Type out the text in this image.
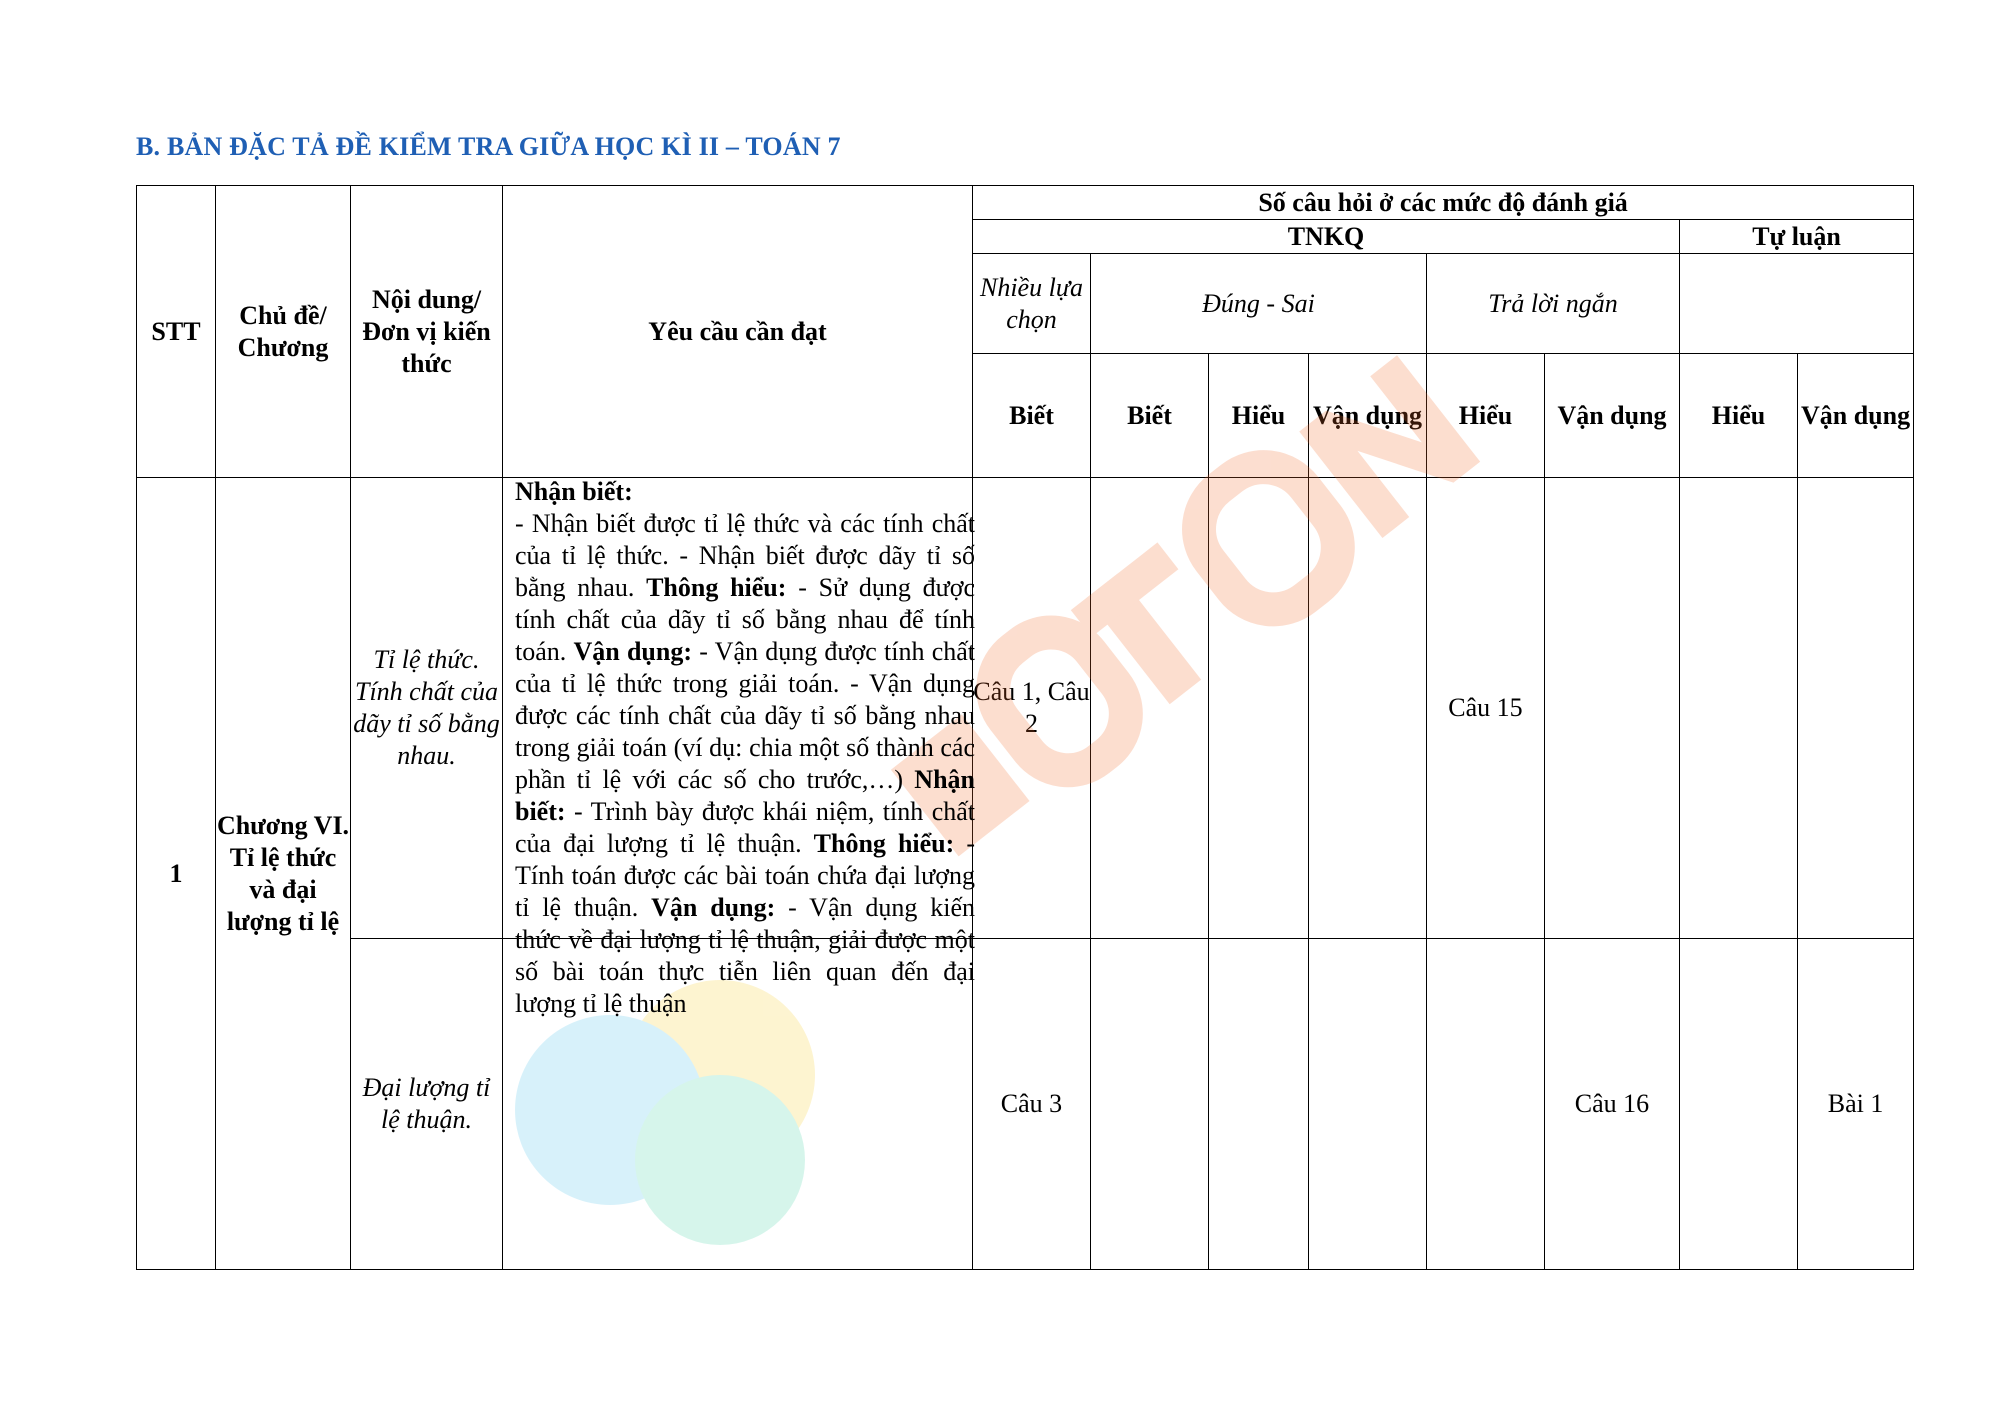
B. BẢN ĐẶC TẢ ĐỀ KIỂM TRA GIỮA HỌC KÌ II – TOÁN 7
STT	Chủ đề/ Chương	Nội dung/ Đơn vị kiến thức	Yêu cầu cần đạt	Số câu hỏi ở các mức độ đánh giá							
				TNKQ						Tự luận	
				Nhiều lựa chọn	Đúng - Sai			Trả lời ngắn			
				Biết	Biết	Hiểu	Vận dụng	Hiểu	Vận dụng	Hiểu	Vận dụng
1	Chương VI. Tỉ lệ thức và đại lượng tỉ lệ	Tỉ lệ thức. Tính chất của dãy tỉ số bằng nhau.	Nhận biết:

- Nhận biết được tỉ lệ thức và các tính chất của tỉ lệ thức. - Nhận biết được dãy tỉ số bằng nhau. Thông hiểu: - Sử dụng được tính chất của dãy tỉ số bằng nhau để tính toán. Vận dụng: - Vận dụng được tính chất của tỉ lệ thức trong giải toán. - Vận dụng được các tính chất của dãy tỉ số bằng nhau trong giải toán (ví dụ: chia một số thành các phần tỉ lệ với các số cho trước,…) Nhận biết: - Trình bày được khái niệm, tính chất của đại lượng tỉ lệ thuận. Thông hiểu: - Tính toán được các bài toán chứa đại lượng tỉ lệ thuận. Vận dụng: - Vận dụng kiến thức về đại lượng tỉ lệ thuận, giải được một số bài toán thực tiễn liên quan đến đại lượng tỉ lệ thuận	Câu 1, Câu 2				Câu 15			
		Đại lượng tỉ lệ thuận.		Câu 3					Câu 16		Bài 1
